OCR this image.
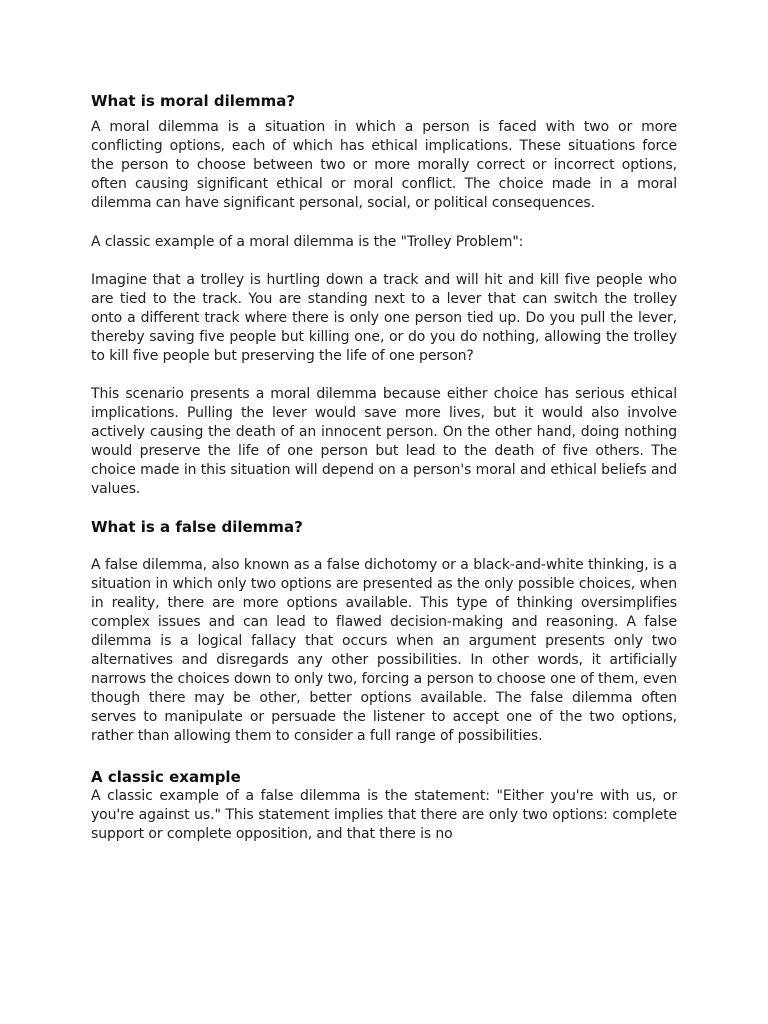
What is moral dilemma?

A moral dilemma is a situation in which a person is faced with two or more conflicting options, each of which has ethical implications. These situations force the person to choose between two or more morally correct or incorrect options, often causing significant ethical or moral conflict. The choice made in a moral dilemma can have significant personal, social, or political consequences.

A classic example of a moral dilemma is the "Trolley Problem":

Imagine that a trolley is hurtling down a track and will hit and kill five people who are tied to the track. You are standing next to a lever that can switch the trolley onto a different track where there is only one person tied up. Do you pull the lever, thereby saving five people but killing one, or do you do nothing, allowing the trolley to kill five people but preserving the life of one person?

This scenario presents a moral dilemma because either choice has serious ethical implications. Pulling the lever would save more lives, but it would also involve actively causing the death of an innocent person. On the other hand, doing nothing would preserve the life of one person but lead to the death of five others. The choice made in this situation will depend on a person's moral and ethical beliefs and values.

What is a false dilemma?

A false dilemma, also known as a false dichotomy or a black-and-white thinking, is a situation in which only two options are presented as the only possible choices, when in reality, there are more options available. This type of thinking oversimplifies complex issues and can lead to flawed decision-making and reasoning. A false dilemma is a logical fallacy that occurs when an argument presents only two alternatives and disregards any other possibilities. In other words, it artificially narrows the choices down to only two, forcing a person to choose one of them, even though there may be other, better options available. The false dilemma often serves to manipulate or persuade the listener to accept one of the two options, rather than allowing them to consider a full range of possibilities.

A classic example

A classic example of a false dilemma is the statement: "Either you're with us, or you're against us." This statement implies that there are only two options: complete support or complete opposition, and that there is no
